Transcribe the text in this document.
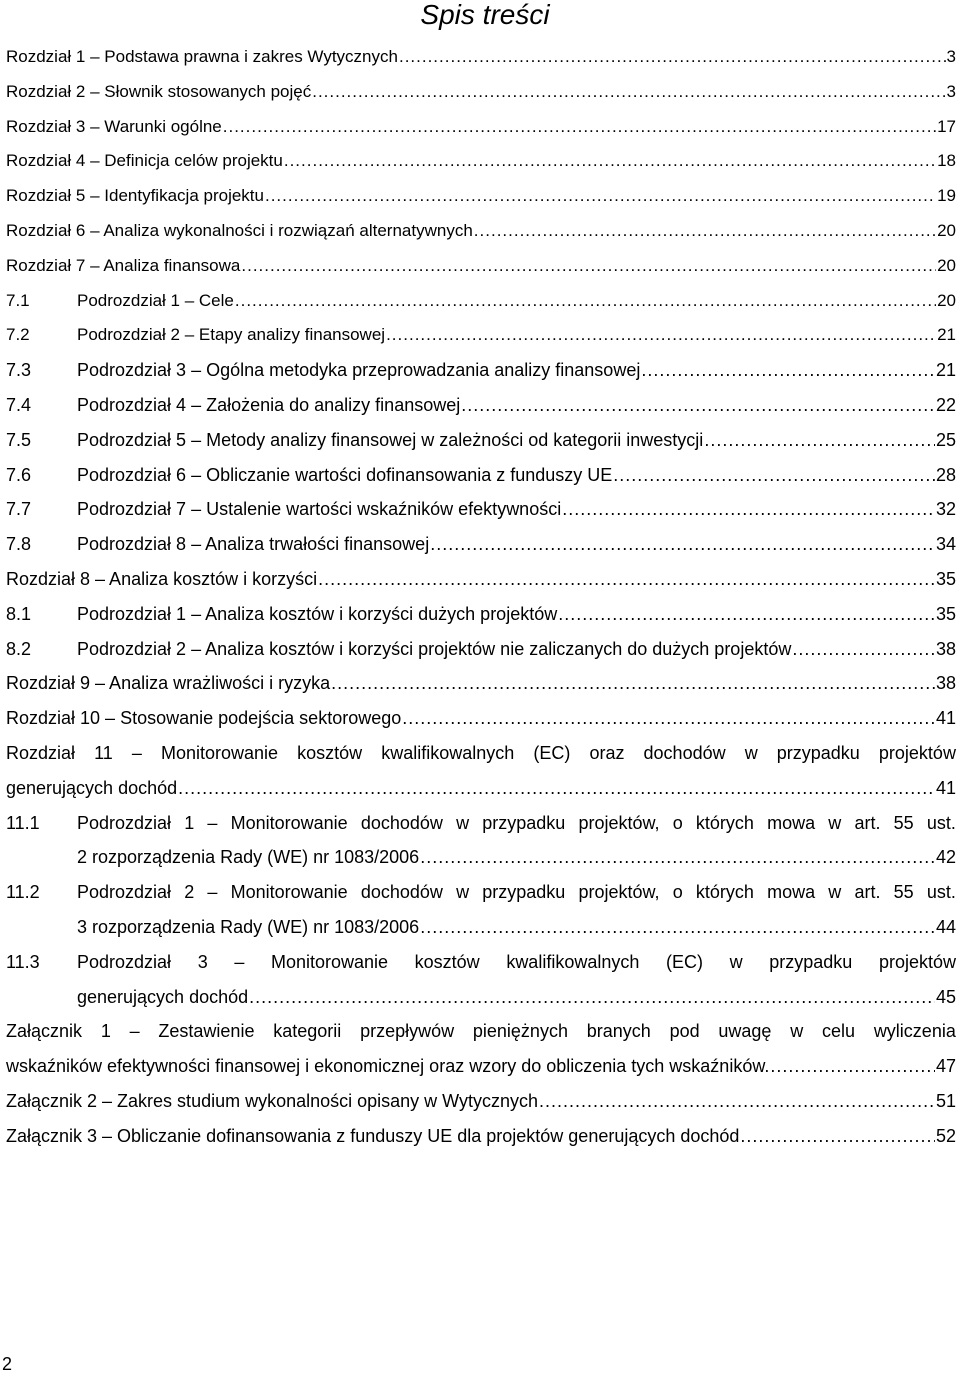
Spis treści
Rozdział 1 – Podstawa prawna i zakres Wytycznych .....	3
Rozdział 2 – Słownik stosowanych pojęć .....	3
Rozdział 3 – Warunki ogólne .....	17
Rozdział 4 – Definicja celów projektu .....	18
Rozdział 5 – Identyfikacja projektu .....	19
Rozdział 6 – Analiza wykonalności i rozwiązań alternatywnych .....	20
Rozdział 7 – Analiza finansowa .....	20
7.1	Podrozdział 1 – Cele .....	20
7.2	Podrozdział 2 – Etapy analizy finansowej .....	21
7.3	Podrozdział 3 – Ogólna metodyka przeprowadzania analizy finansowej .....	21
7.4	Podrozdział 4 – Założenia do analizy finansowej .....	22
7.5	Podrozdział 5 – Metody analizy finansowej w zależności od kategorii inwestycji .....	25
7.6	Podrozdział 6 – Obliczanie wartości dofinansowania z funduszy UE .....	28
7.7	Podrozdział 7 – Ustalenie wartości wskaźników efektywności .....	32
7.8	Podrozdział 8 – Analiza trwałości finansowej .....	34
Rozdział 8 – Analiza kosztów i korzyści .....	35
8.1	Podrozdział 1 – Analiza kosztów i korzyści dużych projektów .....	35
8.2	Podrozdział 2 – Analiza kosztów i korzyści projektów nie zaliczanych do dużych projektów .....	38
Rozdział 9 – Analiza wrażliwości i ryzyka .....	38
Rozdział 10 – Stosowanie podejścia sektorowego .....	41
Rozdział 11 – Monitorowanie kosztów kwalifikowalnych (EC) oraz dochodów w przypadku projektów
generujących dochód .....	41
11.1	Podrozdział 1 – Monitorowanie dochodów w przypadku projektów, o których mowa w art. 55 ust.
2 rozporządzenia Rady (WE) nr 1083/2006 .....	42
11.2	Podrozdział 2 – Monitorowanie dochodów w przypadku projektów, o których mowa w art. 55 ust.
3 rozporządzenia Rady (WE) nr 1083/2006 .....	44
11.3	Podrozdział 3 – Monitorowanie kosztów kwalifikowalnych (EC) w przypadku projektów
generujących dochód .....	45
Załącznik 1 – Zestawienie kategorii przepływów pieniężnych branych pod uwagę w celu wyliczenia
wskaźników efektywności finansowej i ekonomicznej oraz wzory do obliczenia tych wskaźników. .....	47
Załącznik 2 – Zakres studium wykonalności opisany w Wytycznych .....	51
Załącznik 3 – Obliczanie dofinansowania z funduszy UE dla projektów generujących dochód .....	52
2
